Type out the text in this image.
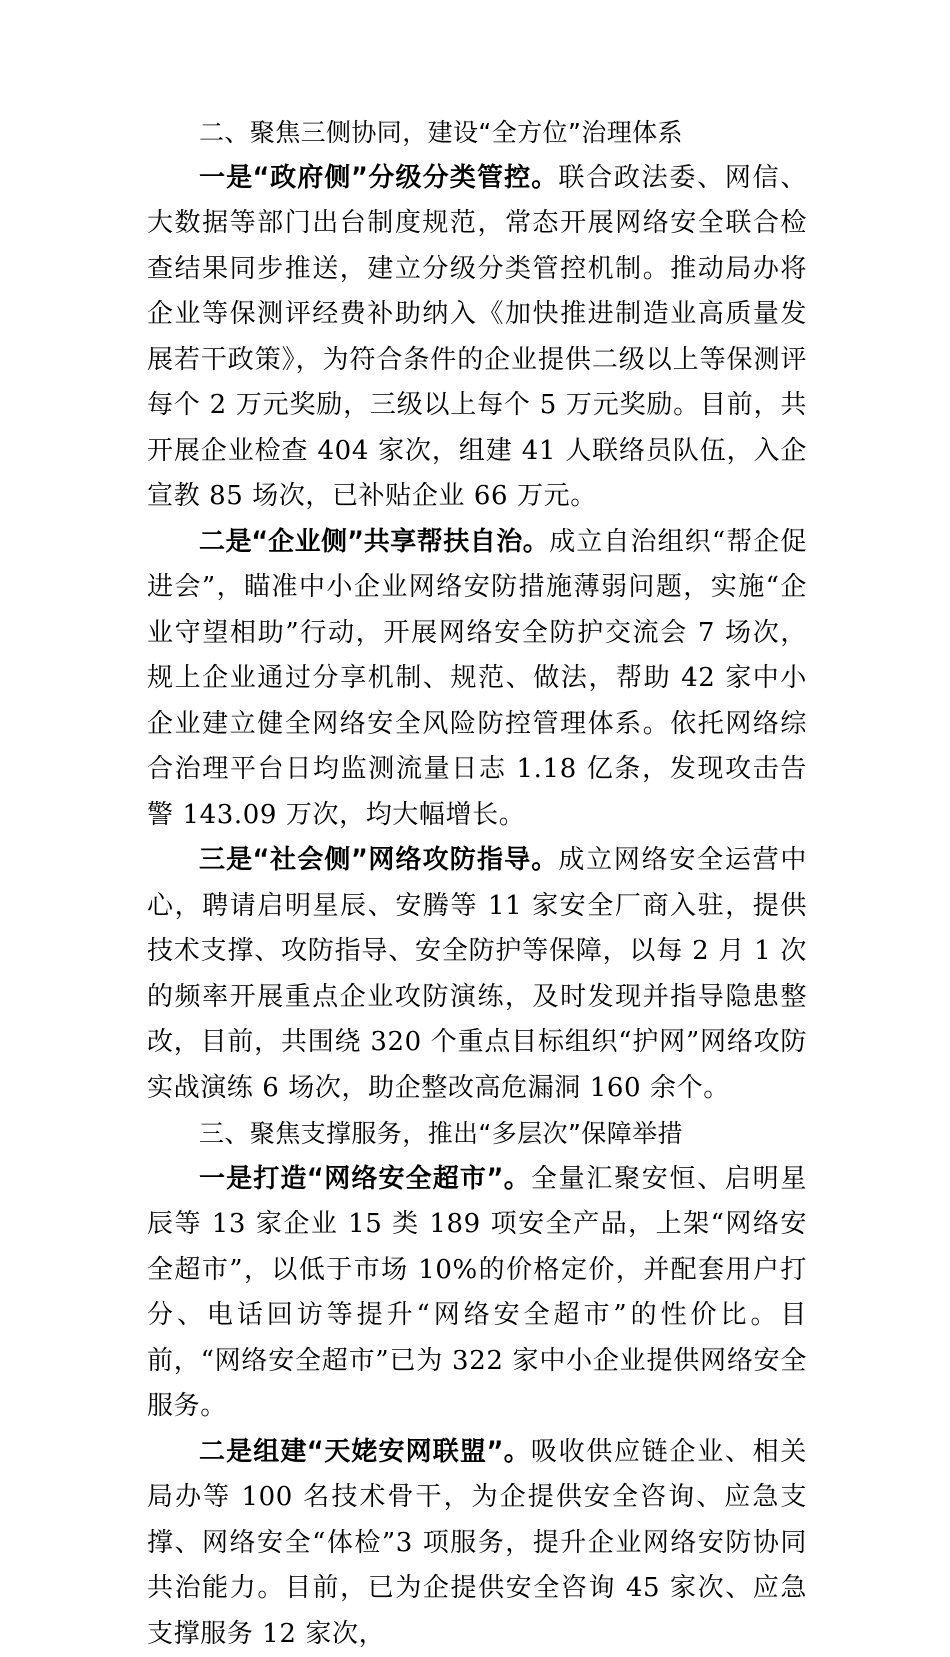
二、聚焦三侧协同，建设“全方位”治理体系

一是“政府侧”分级分类管控。联合政法委、网信、大数据等部门出台制度规范，常态开展网络安全联合检查结果同步推送，建立分级分类管控机制。推动局办将企业等保测评经费补助纳入《加快推进制造业高质量发展若干政策》，为符合条件的企业提供二级以上等保测评每个 2 万元奖励，三级以上每个 5 万元奖励。目前，共开展企业检查 404 家次，组建 41 人联络员队伍，入企宣教 85 场次，已补贴企业 66 万元。

二是“企业侧”共享帮扶自治。成立自治组织“帮企促进会”，瞄准中小企业网络安防措施薄弱问题，实施“企业守望相助”行动，开展网络安全防护交流会 7 场次，规上企业通过分享机制、规范、做法，帮助 42 家中小企业建立健全网络安全风险防控管理体系。依托网络综合治理平台日均监测流量日志 1.18 亿条，发现攻击告警 143.09 万次，均大幅增长。

三是“社会侧”网络攻防指导。成立网络安全运营中心，聘请启明星辰、安腾等 11 家安全厂商入驻，提供技术支撑、攻防指导、安全防护等保障，以每 2 月 1 次的频率开展重点企业攻防演练，及时发现并指导隐患整改，目前，共围绕 320 个重点目标组织“护网”网络攻防实战演练 6 场次，助企整改高危漏洞 160 余个。

三、聚焦支撑服务，推出“多层次”保障举措

一是打造“网络安全超市”。全量汇聚安恒、启明星辰等 13 家企业 15 类 189 项安全产品，上架“网络安全超市”，以低于市场 10%的价格定价，并配套用户打分、电话回访等提升“网络安全超市”的性价比。目前，“网络安全超市”已为 322 家中小企业提供网络安全服务。

二是组建“天姥安网联盟”。吸收供应链企业、相关局办等 100 名技术骨干，为企提供安全咨询、应急支撑、网络安全“体检”3 项服务，提升企业网络安防协同共治能力。目前，已为企提供安全咨询 45 家次、应急支撑服务 12 家次，
